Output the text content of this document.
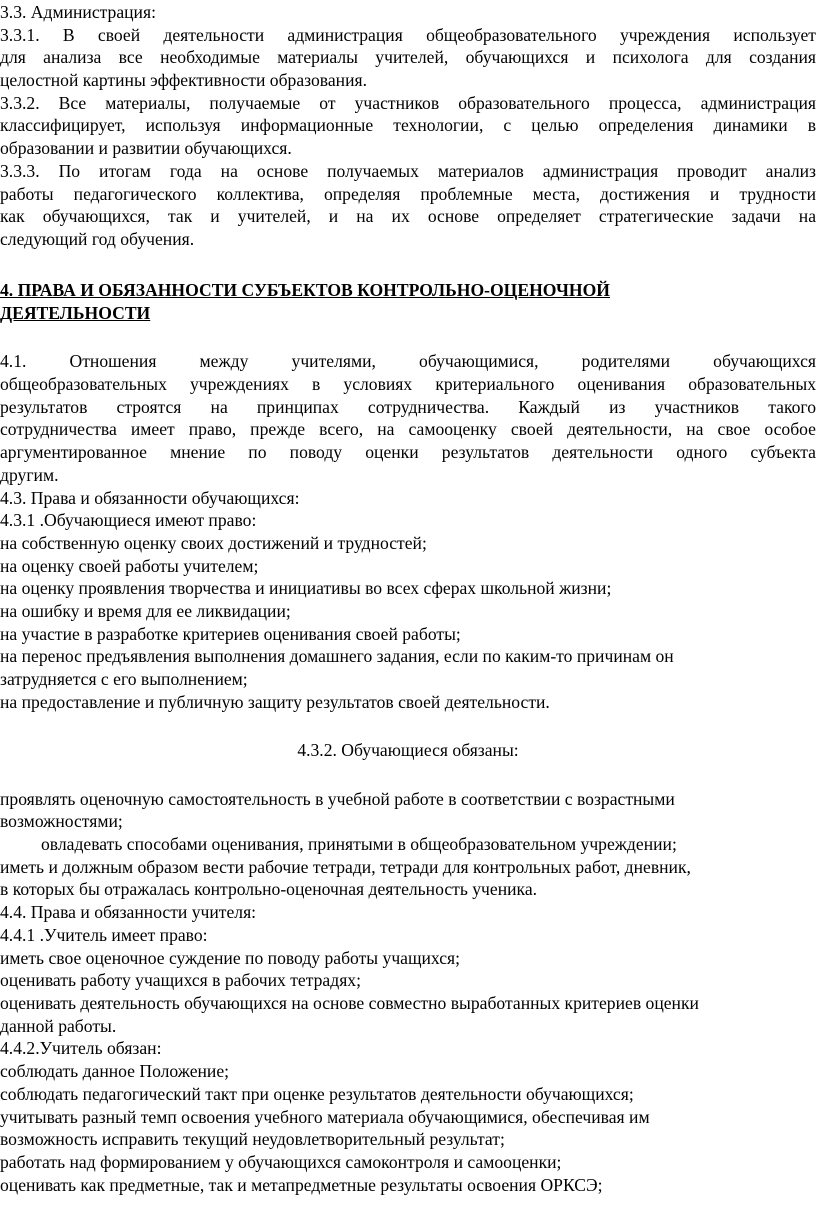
3.3. Администрация:
3.3.1. В своей деятельности администрация общеобразовательного учреждения использует
для анализа все необходимые материалы учителей, обучающихся и психолога для создания
целостной картины эффективности образования.
3.3.2. Все материалы, получаемые от участников образовательного процесса, администрация
классифицирует, используя информационные технологии, с целью определения динамики в
образовании и развитии обучающихся.
3.3.3. По итогам года на основе получаемых материалов администрация проводит анализ
работы педагогического коллектива, определяя проблемные места, достижения и трудности
как обучающихся, так и учителей, и на их основе определяет стратегические задачи на
следующий год обучения.
4. ПРАВА И ОБЯЗАННОСТИ СУБЪЕКТОВ КОНТРОЛЬНО-ОЦЕНОЧНОЙ
ДЕЯТЕЛЬНОСТИ
4.1. Отношения между учителями, обучающимися, родителями обучающихся
общеобразовательных учреждениях в условиях критериального оценивания образовательных
результатов строятся на принципах сотрудничества. Каждый из участников такого
сотрудничества имеет право, прежде всего, на самооценку своей деятельности, на свое особое
аргументированное мнение по поводу оценки результатов деятельности одного субъекта
другим.
4.3. Права и обязанности обучающихся:
4.3.1 .Обучающиеся имеют право:
на собственную оценку своих достижений и трудностей;
на оценку своей работы учителем;
на оценку проявления творчества и инициативы во всех сферах школьной жизни;
на ошибку и время для ее ликвидации;
на участие в разработке критериев оценивания своей работы;
на перенос предъявления выполнения домашнего задания, если по каким-то причинам он
затрудняется с его выполнением;
на предоставление и публичную защиту результатов своей деятельности.
4.3.2. Обучающиеся обязаны:
проявлять оценочную самостоятельность в учебной работе в соответствии с возрастными
возможностями;
овладевать способами оценивания, принятыми в общеобразовательном учреждении;
иметь и должным образом вести рабочие тетради, тетради для контрольных работ, дневник,
в которых бы отражалась контрольно-оценочная деятельность ученика.
4.4. Права и обязанности учителя:
4.4.1 .Учитель имеет право:
иметь свое оценочное суждение по поводу работы учащихся;
оценивать работу учащихся в рабочих тетрадях;
оценивать деятельность обучающихся на основе совместно выработанных критериев оценки
данной работы.
4.4.2.Учитель обязан:
соблюдать данное Положение;
соблюдать педагогический такт при оценке результатов деятельности обучающихся;
учитывать разный темп освоения учебного материала обучающимися, обеспечивая им
возможность исправить текущий неудовлетворительный результат;
работать над формированием у обучающихся самоконтроля и самооценки;
оценивать как предметные, так и метапредметные результаты освоения ОРКСЭ;
